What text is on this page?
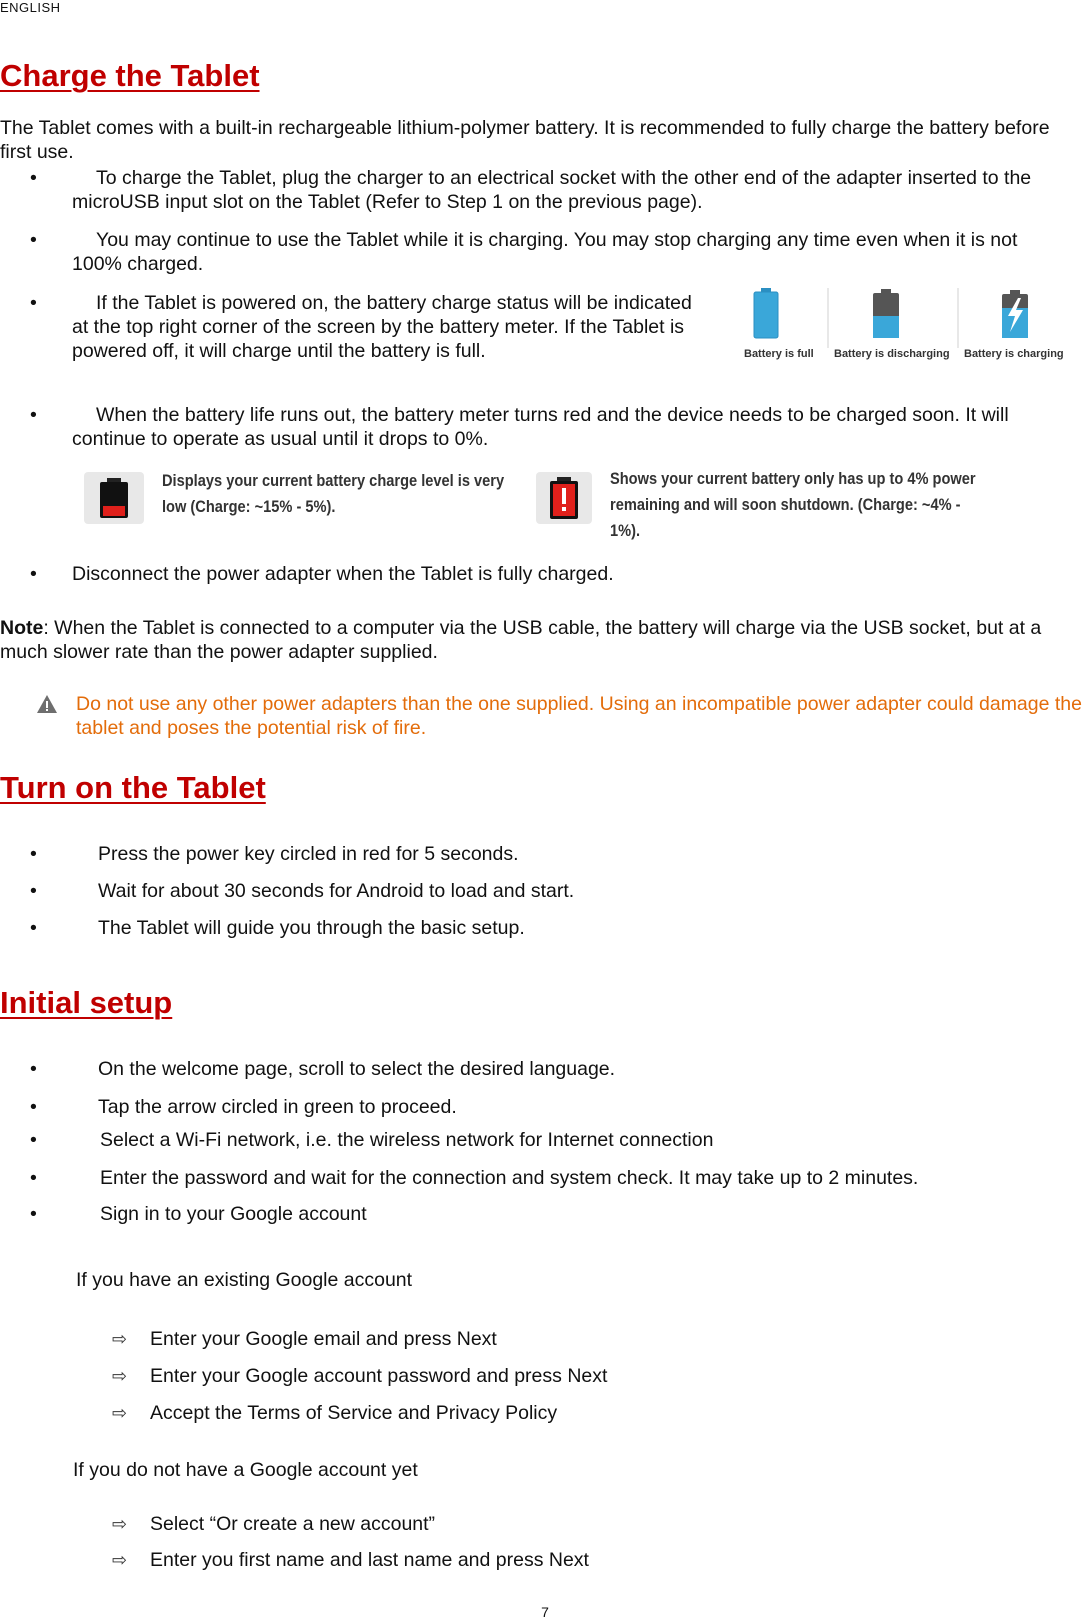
ENGLISH
Charge the Tablet
The Tablet comes with a built-in rechargeable lithium-polymer battery. It is recommended to fully charge the battery before first use.
•	To charge the Tablet, plug the charger to an electrical socket with the other end of the adapter inserted to the microUSB input slot on the Tablet (Refer to Step 1 on the previous page).
•	You may continue to use the Tablet while it is charging. You may stop charging any time even when it is not 100% charged.
•	If the Tablet is powered on, the battery charge status will be indicated at the top right corner of the screen by the battery meter. If the Tablet is powered off, it will charge until the battery is full.	Battery is full Battery is discharging Battery is charging
•	When the battery life runs out, the battery meter turns red and the device needs to be charged soon. It will continue to operate as usual until it drops to 0%.
Displays your current battery charge level is very low (Charge: ~15% - 5%).
Shows your current battery only has up to 4% power remaining and will soon shutdown. (Charge: ~4% - 1%).
• Disconnect the power adapter when the Tablet is fully charged.
Note: When the Tablet is connected to a computer via the USB cable, the battery will charge via the USB socket, but at a much slower rate than the power adapter supplied.
Do not use any other power adapters than the one supplied. Using an incompatible power adapter could damage the tablet and poses the potential risk of fire.
Turn on the Tablet
•	Press the power key circled in red for 5 seconds.
•	Wait for about 30 seconds for Android to load and start.
•	The Tablet will guide you through the basic setup.
Initial setup
•	On the welcome page, scroll to select the desired language.
•	Tap the arrow circled in green to proceed.
•	Select a Wi-Fi network, i.e. the wireless network for Internet connection
•	Enter the password and wait for the connection and system check. It may take up to 2 minutes.
•	Sign in to your Google account
If you have an existing Google account
⇨ Enter your Google email and press Next
⇨ Enter your Google account password and press Next
⇨ Accept the Terms of Service and Privacy Policy
If you do not have a Google account yet
⇨ Select “Or create a new account”
⇨ Enter you first name and last name and press Next
7
